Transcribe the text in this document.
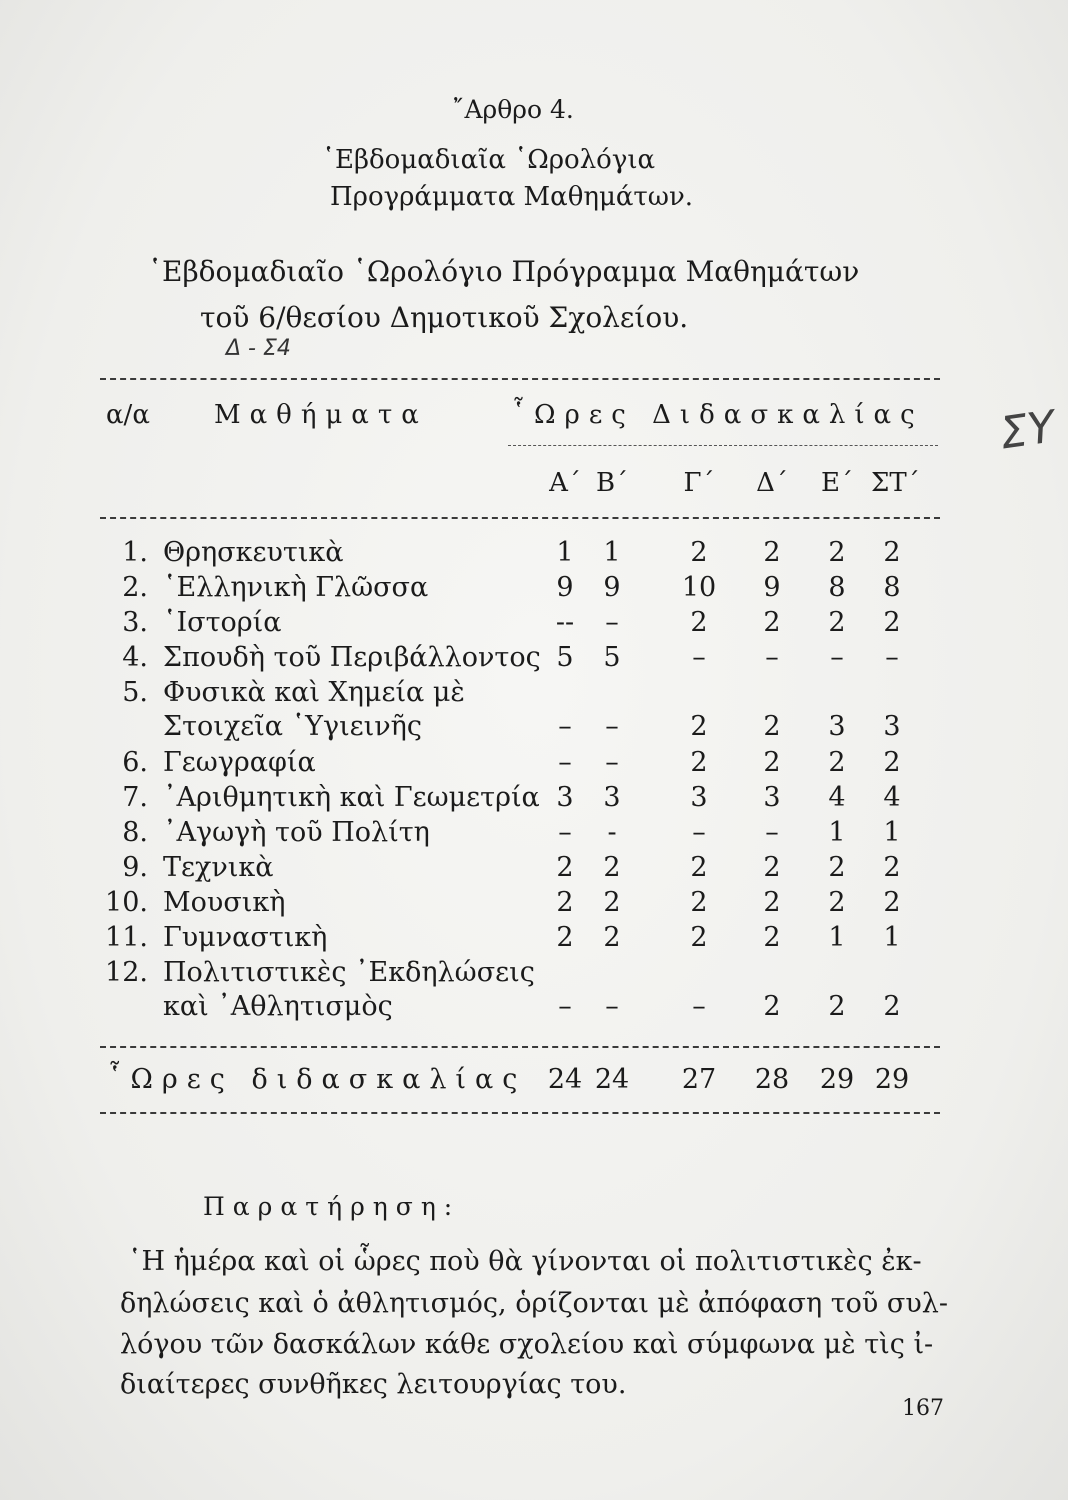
῎Αρθρο 4.
῾Εβδομαδιαῖα ῾Ωρολόγια
Προγράμματα Μαθημάτων.
῾Εβδομαδιαῖο ῾Ωρολόγιο Πρόγραμμα Μαθημάτων
τοῦ 6/θεσίου Δημοτικοῦ Σχολείου.
Δ - Σ4
ΣΥ
α/α Μαθήματα	῟Ωρες Διδασκαλίας
Α΄ Β΄ Γ΄ Δ΄ Ε΄ ΣΤ΄
1. Θρησκευτικὰ	1	1	2	2	2	2
2. ῾Ελληνικὴ Γλῶσσα	9	9	10	9	8	8
3. ῾Ιστορία	--	–	2	2	2	2
4. Σπουδὴ τοῦ Περιβάλλοντος 5	5	–	–	–	–
5. Φυσικὰ καὶ Χημεία μὲ
Στοιχεῖα ῾Υγιεινῆς	–	–	2	2	3	3
6. Γεωγραφία	–	–	2	2	2	2
7. ᾿Αριθμητικὴ καὶ Γεωμετρία 3	3	3	3	4	4
8. ᾿Αγωγὴ τοῦ Πολίτη	–	-	–	–	1	1
9. Τεχνικὰ	2	2	2	2	2	2
10. Μουσικὴ	2	2	2	2	2	2
11. Γυμναστικὴ	2	2	2	2	1	1
12. Πολιτιστικὲς ᾿Εκδηλώσεις
καὶ ᾿Αθλητισμὸς	–	–	–	2	2	2
῟Ωρες διδασκαλίας 24 24 27 28 29 29
Παρατήρηση:
῾Η ἡμέρα καὶ οἱ ὧρες ποὺ θὰ γίνονται οἱ πολιτιστικὲς ἐκ-
δηλώσεις καὶ ὁ ἀθλητισμός, ὁρίζονται μὲ ἀπόφαση τοῦ συλ-
λόγου τῶν δασκάλων κάθε σχολείου καὶ σύμφωνα μὲ τὶς ἰ-
διαίτερες συνθῆκες λειτουργίας του.
167
